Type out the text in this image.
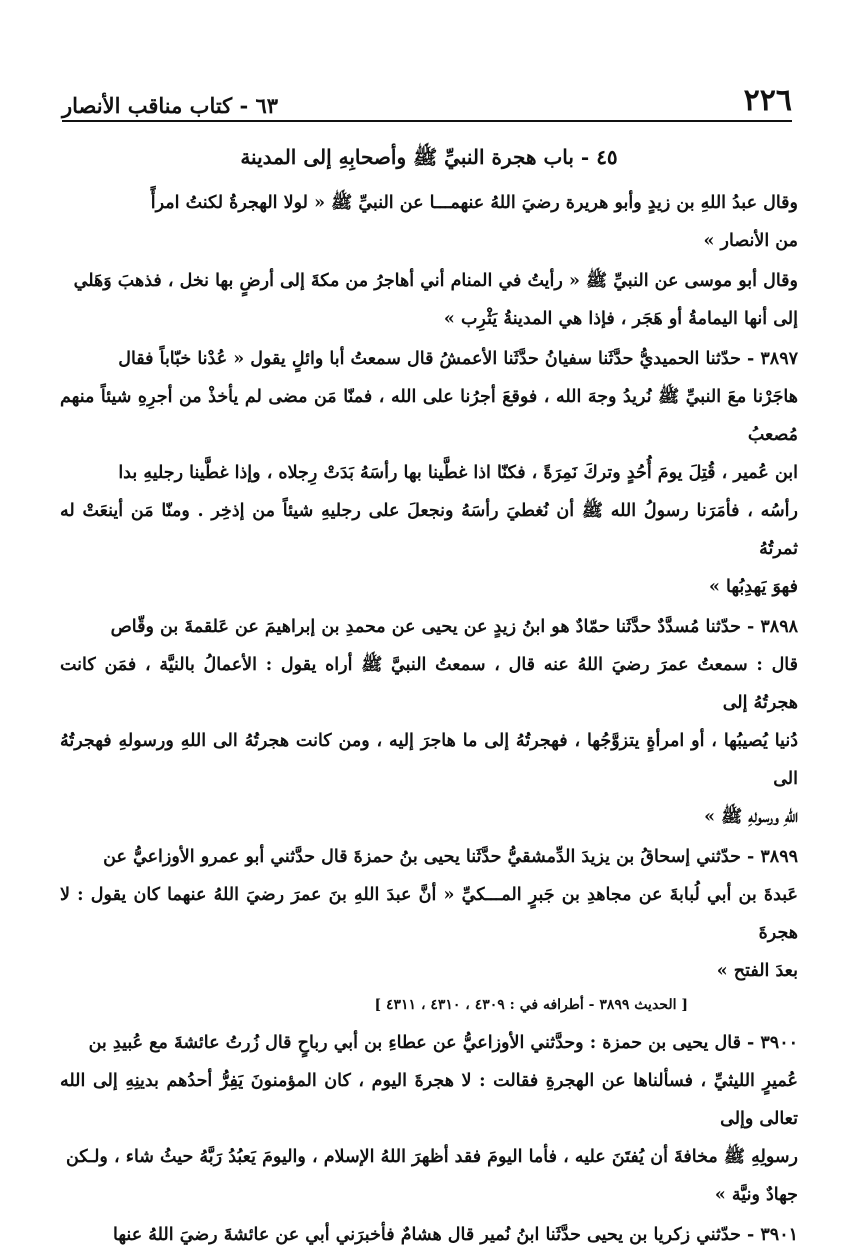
٦٣ - كتاب مناقب الأنصار	٢٢٦
٤٥ - باب هجرة النبيِّ ﷺ وأصحابِهِ إلى المدينة

وقال عبدُ اللهِ بن زيدٍ وأبو هريرة رضيَ اللهُ عنهمـــا عن النبيِّ ﷺ « لولا الهجرةُ لكنتُ امرأً

من الأنصار »

وقال أبو موسى عن النبيِّ ﷺ « رأيتُ في المنام أني أهاجرُ من مكةَ إلى أرضٍ بها نخل ، فذهبَ وَهَلي

إلى أنها اليمامةُ أو هَجَر ، فإذا هي المدينةُ يَثْرِب »

٣٨٩٧ - حدّثنا الحميديُّ حدَّثَنا سفيانُ حدَّثَنا الأعمشُ قال سمعتُ أبا وائلٍ يقول « عُدْنا خبّاباً فقال

هاجَرْنا معَ النبيِّ ﷺ نُريدُ وجهَ الله ، فوقعَ أجرُنا على الله ، فمنّا مَن مضى لم يأخذْ من أجرِهِ شيئاً منهم مُصعبُ

ابن عُمير ، قُتِلَ يومَ أُحُدٍ وتركَ نَمِرَةً ، فكنّا اذا غطَّينا بها رأسَهُ بَدَتْ رِجلاه ، وإذا غطَّينا رجليهِ بدا

رأسُه ، فأمَرَنا رسولُ الله ﷺ أن نُغطيَ رأسَهُ ونجعلَ على رجليهِ شيئاً من إذخِر . ومنّا مَن أينعَتْ له ثمرتُهُ

فهوَ يَهدِبُها »

٣٨٩٨ - حدّثنا مُسدَّدٌ حدَّثَنا حمّادٌ هو ابنُ زيدٍ عن يحيى عن محمدِ بن إبراهيمَ عن عَلقمةَ بن وقّاص

قال : سمعتُ عمرَ رضيَ اللهُ عنه قال ، سمعتُ النبيَّ ﷺ أراه يقول : الأعمالُ بالنيَّة ، فمَن كانت هجرتُهُ إلى

دُنيا يُصيبُها ، أو امرأةٍ يتزوَّجُها ، فهجرتُهُ إلى ما هاجرَ إليه ، ومن كانت هجرتُهُ الى اللهِ ورسولهِ فهجرتُهُ الى

اللهِ ورسولهِ ﷺ »

٣٨٩٩ - حدّثني إسحاقُ بن يزيدَ الدِّمشقيُّ حدَّثَنا يحيى بنُ حمزةَ قال حدَّثني أبو عمرو الأوزاعيُّ عن

عَبدةَ بن أبي لُبابةَ عن مجاهدِ بن جَبرٍ المـــكيِّ « أنَّ عبدَ اللهِ بنَ عمرَ رضيَ اللهُ عنهما كان يقول : لا هجرةَ

بعدَ الفتح »

[ الحديث ٣٨٩٩ - أطرافه في : ٤٣٠٩ ، ٤٣١٠ ، ٤٣١١ ]

٣٩٠٠ - قال يحيى بن حمزة : وحدَّثني الأوزاعيُّ عن عطاءِ بن أبي رباحٍ قال زُرتُ عائشةَ مع عُبيدِ بن

عُميرٍ الليثيِّ ، فسألناها عن الهجرةِ فقالت : لا هجرةَ اليوم ، كان المؤمنونَ يَفِرُّ أحدُهم بدينِهِ إلى الله تعالى وإلى

رسولِهِ ﷺ مخافةَ أن يُفتَنَ عليه ، فأما اليومَ فقد أظهرَ اللهُ الإسلام ، واليومَ يَعبُدُ رَبَّهُ حيثُ شاء ، ولـكن

جهادٌ ونيَّة »

٣٩٠١ - حدّثني زكريا بن يحيى حدَّثَنا ابنُ نُمير قال هشامٌ فأخبرَني أبي عن عائشةَ رضيَ اللهُ عنها
